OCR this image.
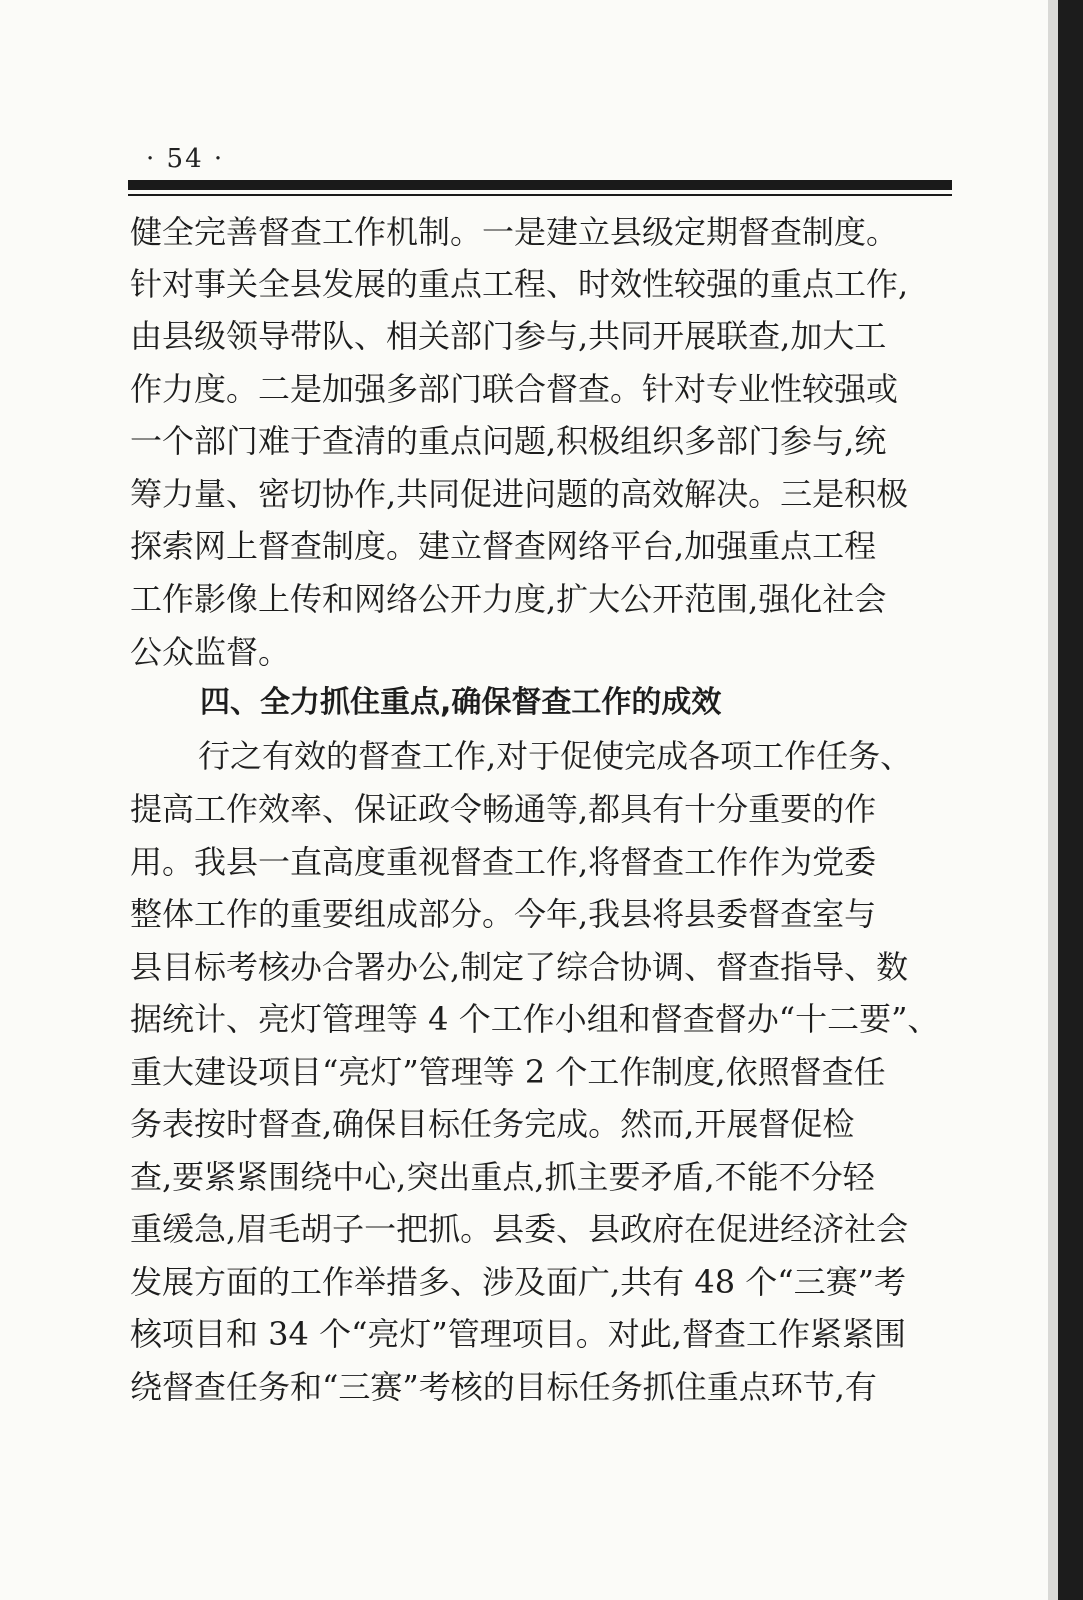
· 54 ·
健全完善督查工作机制。一是建立县级定期督查制度。
针对事关全县发展的重点工程、时效性较强的重点工作,
由县级领导带队、相关部门参与,共同开展联查,加大工
作力度。二是加强多部门联合督查。针对专业性较强或
一个部门难于查清的重点问题,积极组织多部门参与,统
筹力量、密切协作,共同促进问题的高效解决。三是积极
探索网上督查制度。建立督查网络平台,加强重点工程
工作影像上传和网络公开力度,扩大公开范围,强化社会
公众监督。
四、全力抓住重点,确保督查工作的成效
行之有效的督查工作,对于促使完成各项工作任务、
提高工作效率、保证政令畅通等,都具有十分重要的作
用。我县一直高度重视督查工作,将督查工作作为党委
整体工作的重要组成部分。今年,我县将县委督查室与
县目标考核办合署办公,制定了综合协调、督查指导、数
据统计、亮灯管理等 4 个工作小组和督查督办“十二要”、
重大建设项目“亮灯”管理等 2 个工作制度,依照督查任
务表按时督查,确保目标任务完成。然而,开展督促检
查,要紧紧围绕中心,突出重点,抓主要矛盾,不能不分轻
重缓急,眉毛胡子一把抓。县委、县政府在促进经济社会
发展方面的工作举措多、涉及面广,共有 48 个“三赛”考
核项目和 34 个“亮灯”管理项目。对此,督查工作紧紧围
绕督查任务和“三赛”考核的目标任务抓住重点环节,有
